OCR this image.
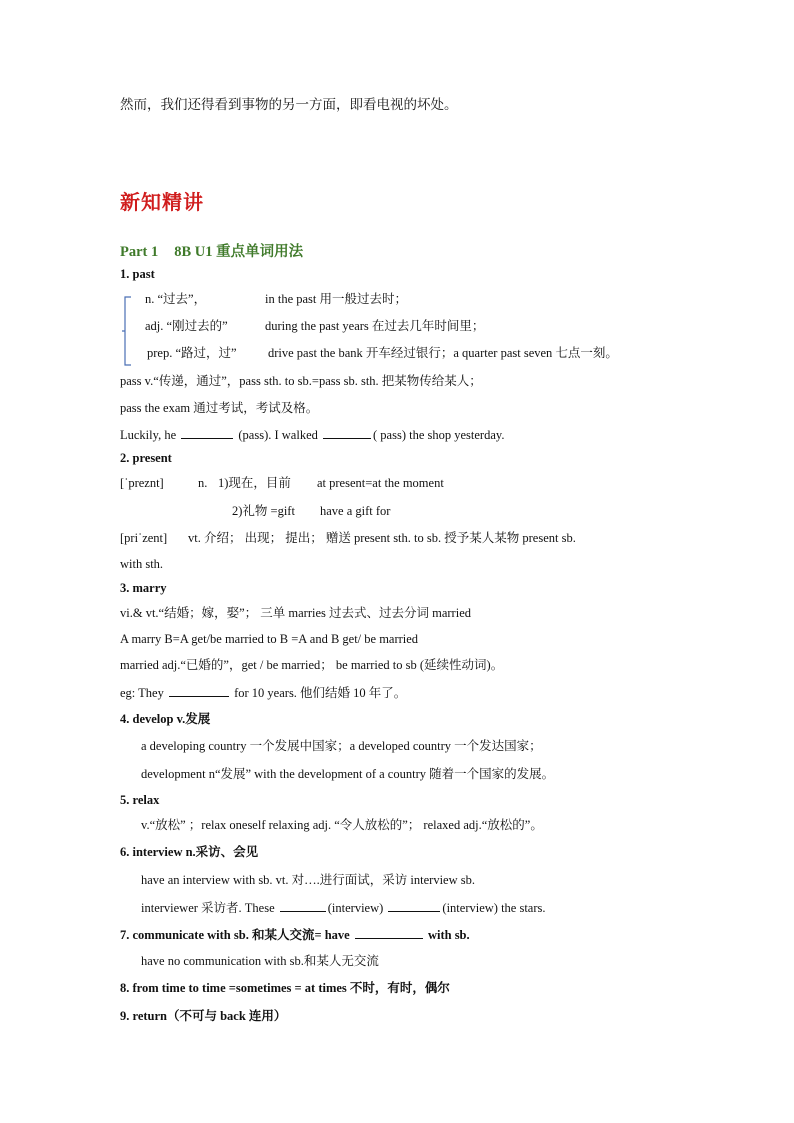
然而，我们还得看到事物的另一方面，即看电视的坏处。
新知精讲
Part 1 8B U1 重点单词用法
1. past
n. “过去”，	in the past 用一般过去时；
adj. “刚过去的”	during the past years 在过去几年时间里；
prep. “路过，过”	drive past the bank 开车经过银行；a quarter past seven 七点一刻。
pass v.“传递，通过”，pass sth. to sb.=pass sb. sth. 把某物传给某人；
pass the exam 通过考试，考试及格。
Luckily, he	(pass). I walked	( pass) the shop yesterday.
2. present
[ˈpreznt]	n. 1)现在，目前 at present=at the moment
2)礼物 =gift have a gift for
[priˈzent] vt. 介绍； 出现； 提出； 赠送 present sth. to sb. 授予某人某物 present sb.
with sth.
3. marry
vi.& vt.“结婚；嫁，娶”； 三单 marries 过去式、过去分词 married
A marry B=A get/be married to B =A and B get/ be married
married adj.“已婚的”，get / be married； be married to sb (延续性动词)。
eg: They	for 10 years. 他们结婚 10 年了。
4. develop v.发展
a developing country 一个发展中国家；a developed country 一个发达国家；
development n“发展” with the development of a country 随着一个国家的发展。
5. relax
v.“放松” ；relax oneself relaxing adj. “令人放松的”； relaxed adj.“放松的”。
6. interview n.采访、会见
have an interview with sb. vt. 对….进行面试，采访 interview sb.
interviewer 采访者. These	(interview)	(interview) the stars.
7. communicate with sb. 和某人交流= have	with sb.
have no communication with sb.和某人无交流
8. from time to time =sometimes = at times 不时，有时，偶尔
9. return（不可与 back 连用）
